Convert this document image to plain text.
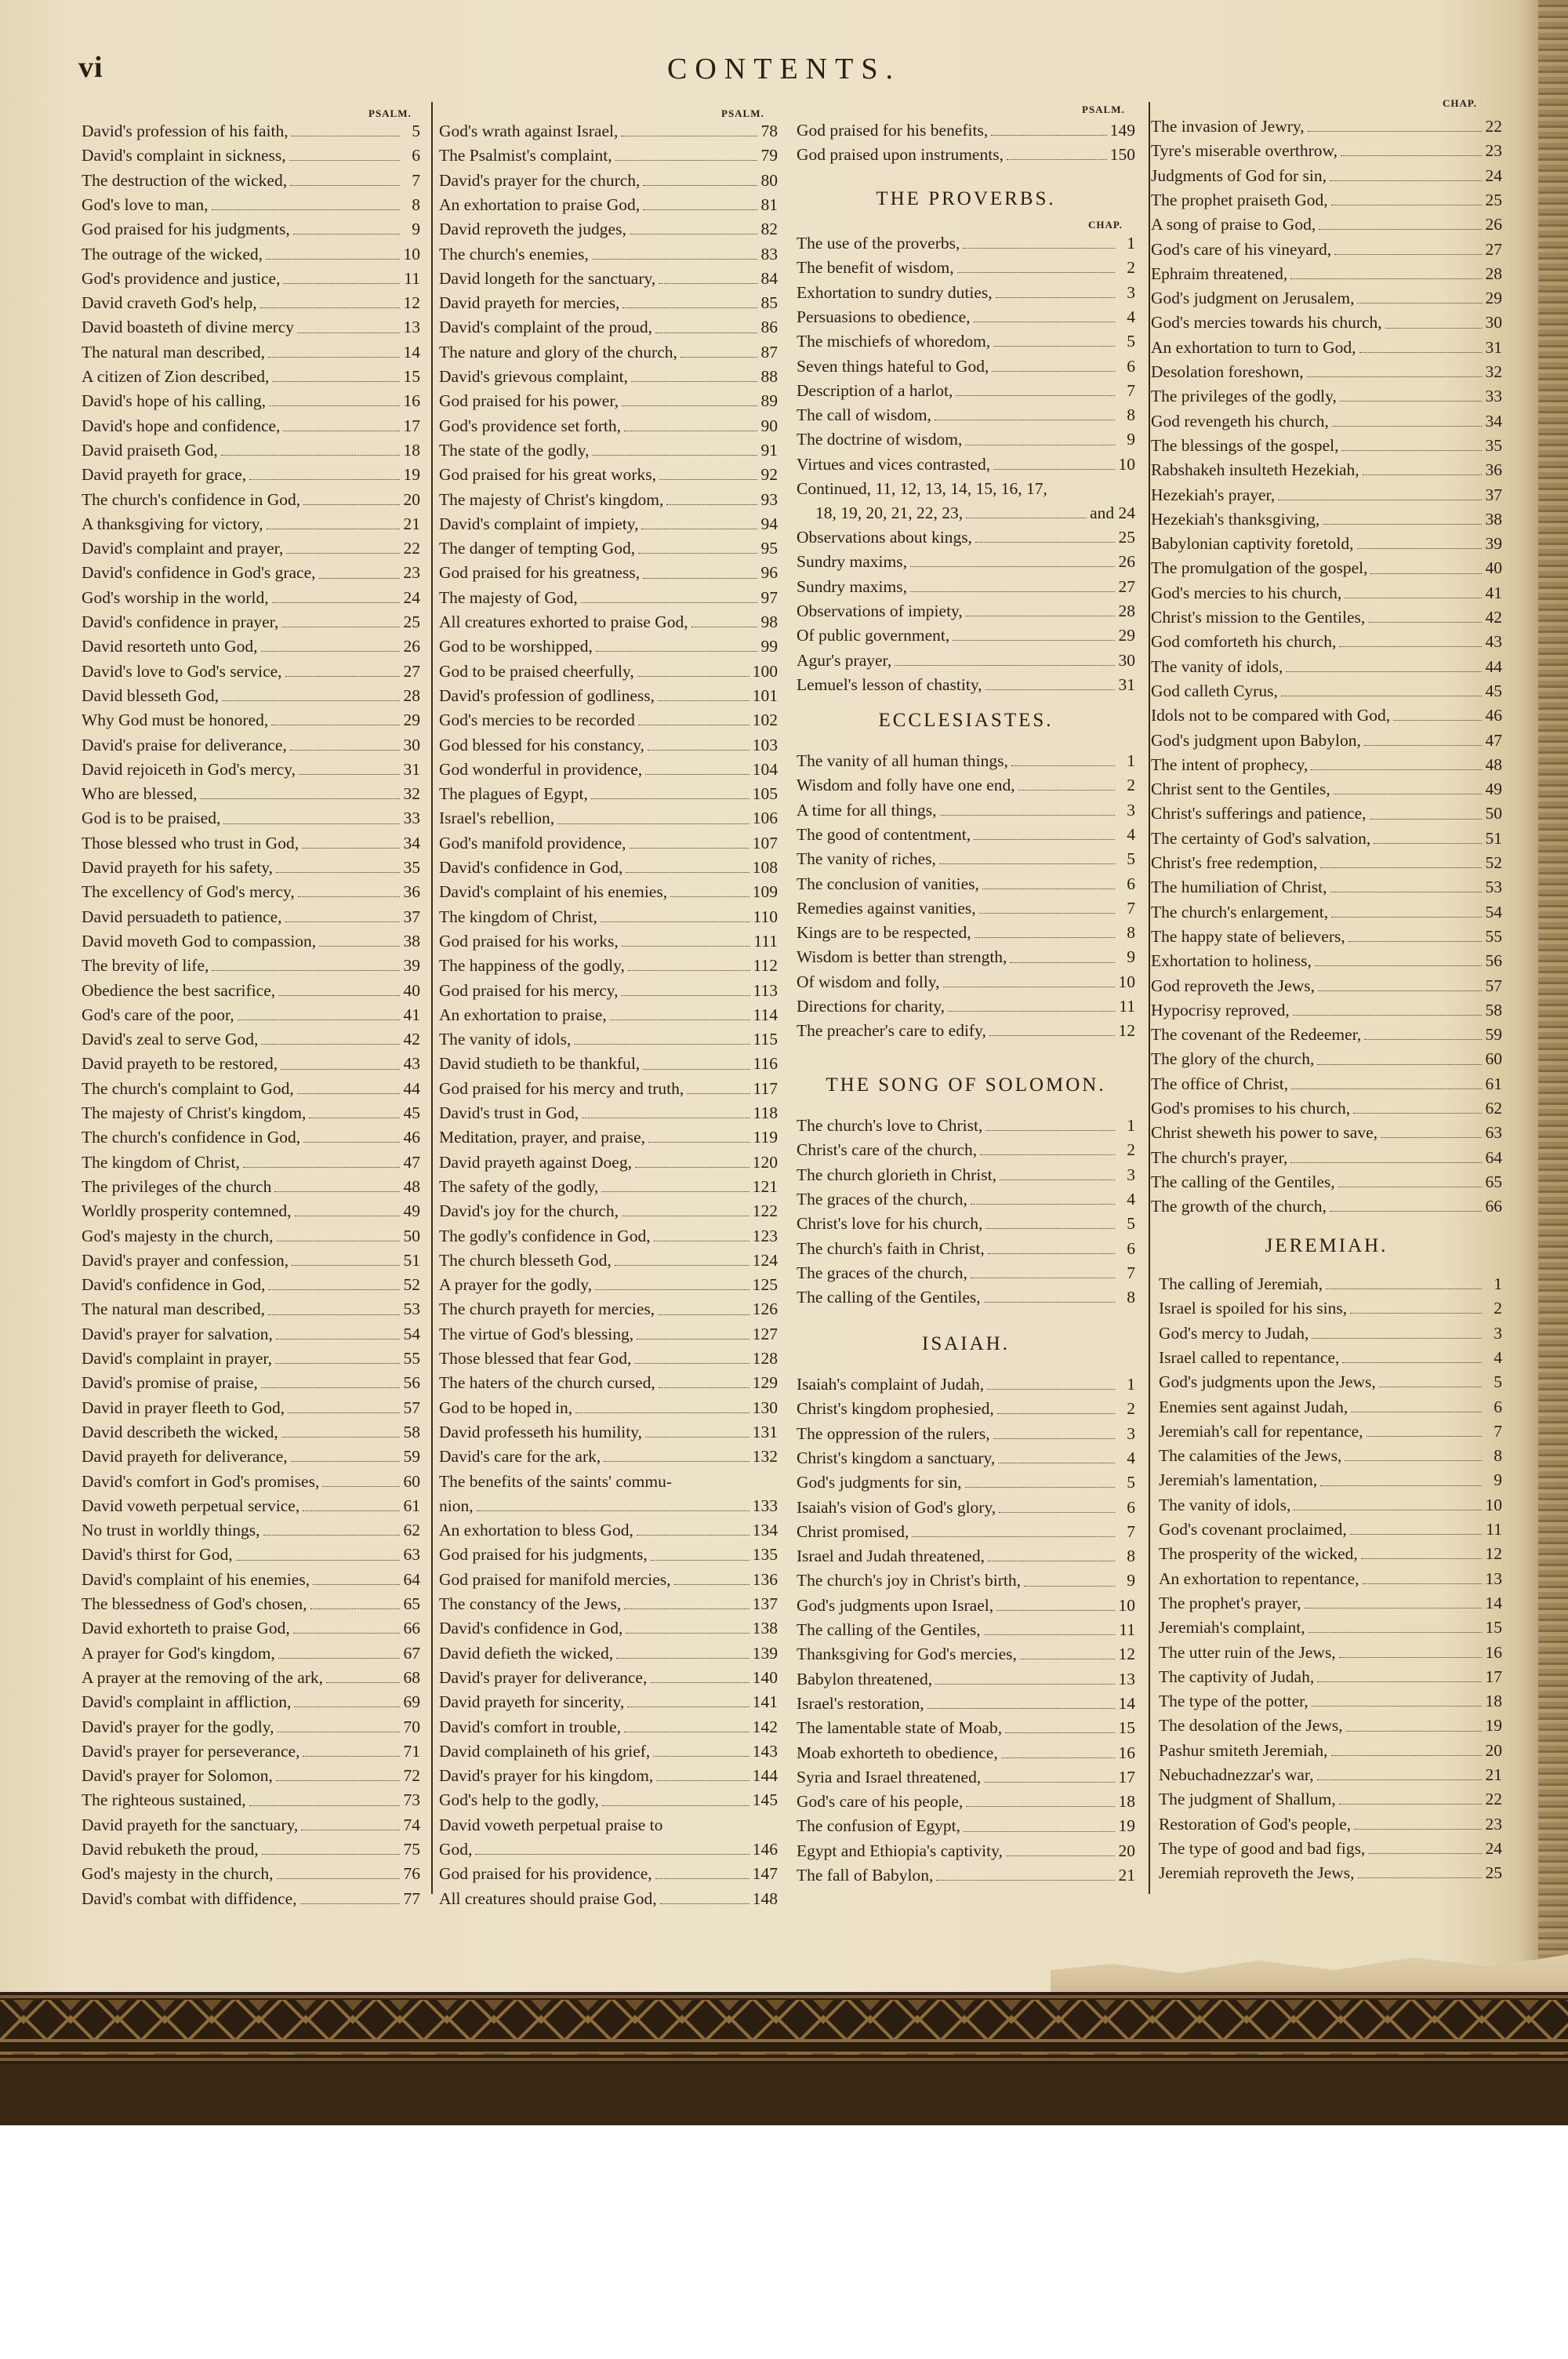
vi	CONTENTS.
PSALM.
David's profession of his faith,	5
David's complaint in sickness,	6
The destruction of the wicked,	7
God's love to man,	8
God praised for his judgments,	9
The outrage of the wicked,	10
God's providence and justice,	11
David craveth God's help,	12
David boasteth of divine mercy	13
The natural man described,	14
A citizen of Zion described,	15
David's hope of his calling,	16
David's hope and confidence,	17
David praiseth God,	18
David prayeth for grace,	19
The church's confidence in God,	20
A thanksgiving for victory,	21
David's complaint and prayer,	22
David's confidence in God's grace,	23
God's worship in the world,	24
David's confidence in prayer,	25
David resorteth unto God,	26
David's love to God's service,	27
David blesseth God,	28
Why God must be honored,	29
David's praise for deliverance,	30
David rejoiceth in God's mercy,	31
Who are blessed,	32
God is to be praised,	33
Those blessed who trust in God,	34
David prayeth for his safety,	35
The excellency of God's mercy,	36
David persuadeth to patience,	37
David moveth God to compassion,	38
The brevity of life,	39
Obedience the best sacrifice,	40
God's care of the poor,	41
David's zeal to serve God,	42
David prayeth to be restored,	43
The church's complaint to God,	44
The majesty of Christ's kingdom,	45
The church's confidence in God,	46
The kingdom of Christ,	47
The privileges of the church	48
Worldly prosperity contemned,	49
God's majesty in the church,	50
David's prayer and confession,	51
David's confidence in God,	52
The natural man described,	53
David's prayer for salvation,	54
David's complaint in prayer,	55
David's promise of praise,	56
David in prayer fleeth to God,	57
David describeth the wicked,	58
David prayeth for deliverance,	59
David's comfort in God's promises,	60
David voweth perpetual service,	61
No trust in worldly things,	62
David's thirst for God,	63
David's complaint of his enemies,	64
The blessedness of God's chosen,	65
David exhorteth to praise God,	66
A prayer for God's kingdom,	67
A prayer at the removing of the ark,	68
David's complaint in affliction,	69
David's prayer for the godly,	70
David's prayer for perseverance,	71
David's prayer for Solomon,	72
The righteous sustained,	73
David prayeth for the sanctuary,	74
David rebuketh the proud,	75
God's majesty in the church,	76
David's combat with diffidence,	77
PSALM.
God's wrath against Israel,	78
The Psalmist's complaint,	79
David's prayer for the church,	80
An exhortation to praise God,	81
David reproveth the judges,	82
The church's enemies,	83
David longeth for the sanctuary,	84
David prayeth for mercies,	85
David's complaint of the proud,	86
The nature and glory of the church,	87
David's grievous complaint,	88
God praised for his power,	89
God's providence set forth,	90
The state of the godly,	91
God praised for his great works,	92
The majesty of Christ's kingdom,	93
David's complaint of impiety,	94
The danger of tempting God,	95
God praised for his greatness,	96
The majesty of God,	97
All creatures exhorted to praise God,	98
God to be worshipped,	99
God to be praised cheerfully,	100
David's profession of godliness,	101
God's mercies to be recorded	102
God blessed for his constancy,	103
God wonderful in providence,	104
The plagues of Egypt,	105
Israel's rebellion,	106
God's manifold providence,	107
David's confidence in God,	108
David's complaint of his enemies,	109
The kingdom of Christ,	110
God praised for his works,	111
The happiness of the godly,	112
God praised for his mercy,	113
An exhortation to praise,	114
The vanity of idols,	115
David studieth to be thankful,	116
God praised for his mercy and truth,	117
David's trust in God,	118
Meditation, prayer, and praise,	119
David prayeth against Doeg,	120
The safety of the godly,	121
David's joy for the church,	122
The godly's confidence in God,	123
The church blesseth God,	124
A prayer for the godly,	125
The church prayeth for mercies,	126
The virtue of God's blessing,	127
Those blessed that fear God,	128
The haters of the church cursed,	129
God to be hoped in,	130
David professeth his humility,	131
David's care for the ark,	132
The benefits of the saints' commu-
nion,	133
An exhortation to bless God,	134
God praised for his judgments,	135
God praised for manifold mercies,	136
The constancy of the Jews,	137
David's confidence in God,	138
David defieth the wicked,	139
David's prayer for deliverance,	140
David prayeth for sincerity,	141
David's comfort in trouble,	142
David complaineth of his grief,	143
David's prayer for his kingdom,	144
God's help to the godly,	145
David voweth perpetual praise to
God,	146
God praised for his providence,	147
All creatures should praise God,	148
PSALM.
God praised for his benefits,	149
God praised upon instruments,	150
THE PROVERBS.
CHAP.
The use of the proverbs,	1
The benefit of wisdom,	2
Exhortation to sundry duties,	3
Persuasions to obedience,	4
The mischiefs of whoredom,	5
Seven things hateful to God,	6
Description of a harlot,	7
The call of wisdom,	8
The doctrine of wisdom,	9
Virtues and vices contrasted,	10
Continued, 11, 12, 13, 14, 15, 16, 17,
18, 19, 20, 21, 22, 23,	and 24
Observations about kings,	25
Sundry maxims,	26
Sundry maxims,	27
Observations of impiety,	28
Of public government,	29
Agur's prayer,	30
Lemuel's lesson of chastity,	31
ECCLESIASTES.
The vanity of all human things,	1
Wisdom and folly have one end,	2
A time for all things,	3
The good of contentment,	4
The vanity of riches,	5
The conclusion of vanities,	6
Remedies against vanities,	7
Kings are to be respected,	8
Wisdom is better than strength,	9
Of wisdom and folly,	10
Directions for charity,	11
The preacher's care to edify,	12
THE SONG OF SOLOMON.
The church's love to Christ,	1
Christ's care of the church,	2
The church glorieth in Christ,	3
The graces of the church,	4
Christ's love for his church,	5
The church's faith in Christ,	6
The graces of the church,	7
The calling of the Gentiles,	8
ISAIAH.
Isaiah's complaint of Judah,	1
Christ's kingdom prophesied,	2
The oppression of the rulers,	3
Christ's kingdom a sanctuary,	4
God's judgments for sin,	5
Isaiah's vision of God's glory,	6
Christ promised,	7
Israel and Judah threatened,	8
The church's joy in Christ's birth,	9
God's judgments upon Israel,	10
The calling of the Gentiles,	11
Thanksgiving for God's mercies,	12
Babylon threatened,	13
Israel's restoration,	14
The lamentable state of Moab,	15
Moab exhorteth to obedience,	16
Syria and Israel threatened,	17
God's care of his people,	18
The confusion of Egypt,	19
Egypt and Ethiopia's captivity,	20
The fall of Babylon,	21
CHAP.
The invasion of Jewry,	22
Tyre's miserable overthrow,	23
Judgments of God for sin,	24
The prophet praiseth God,	25
A song of praise to God,	26
God's care of his vineyard,	27
Ephraim threatened,	28
God's judgment on Jerusalem,	29
God's mercies towards his church,	30
An exhortation to turn to God,	31
Desolation foreshown,	32
The privileges of the godly,	33
God revengeth his church,	34
The blessings of the gospel,	35
Rabshakeh insulteth Hezekiah,	36
Hezekiah's prayer,	37
Hezekiah's thanksgiving,	38
Babylonian captivity foretold,	39
The promulgation of the gospel,	40
God's mercies to his church,	41
Christ's mission to the Gentiles,	42
God comforteth his church,	43
The vanity of idols,	44
God calleth Cyrus,	45
Idols not to be compared with God,	46
God's judgment upon Babylon,	47
The intent of prophecy,	48
Christ sent to the Gentiles,	49
Christ's sufferings and patience,	50
The certainty of God's salvation,	51
Christ's free redemption,	52
The humiliation of Christ,	53
The church's enlargement,	54
The happy state of believers,	55
Exhortation to holiness,	56
God reproveth the Jews,	57
Hypocrisy reproved,	58
The covenant of the Redeemer,	59
The glory of the church,	60
The office of Christ,	61
God's promises to his church,	62
Christ sheweth his power to save,	63
The church's prayer,	64
The calling of the Gentiles,	65
The growth of the church,	66
JEREMIAH.
The calling of Jeremiah,	1
Israel is spoiled for his sins,	2
God's mercy to Judah,	3
Israel called to repentance,	4
God's judgments upon the Jews,	5
Enemies sent against Judah,	6
Jeremiah's call for repentance,	7
The calamities of the Jews,	8
Jeremiah's lamentation,	9
The vanity of idols,	10
God's covenant proclaimed,	11
The prosperity of the wicked,	12
An exhortation to repentance,	13
The prophet's prayer,	14
Jeremiah's complaint,	15
The utter ruin of the Jews,	16
The captivity of Judah,	17
The type of the potter,	18
The desolation of the Jews,	19
Pashur smiteth Jeremiah,	20
Nebuchadnezzar's war,	21
The judgment of Shallum,	22
Restoration of God's people,	23
The type of good and bad figs,	24
Jeremiah reproveth the Jews,	25
